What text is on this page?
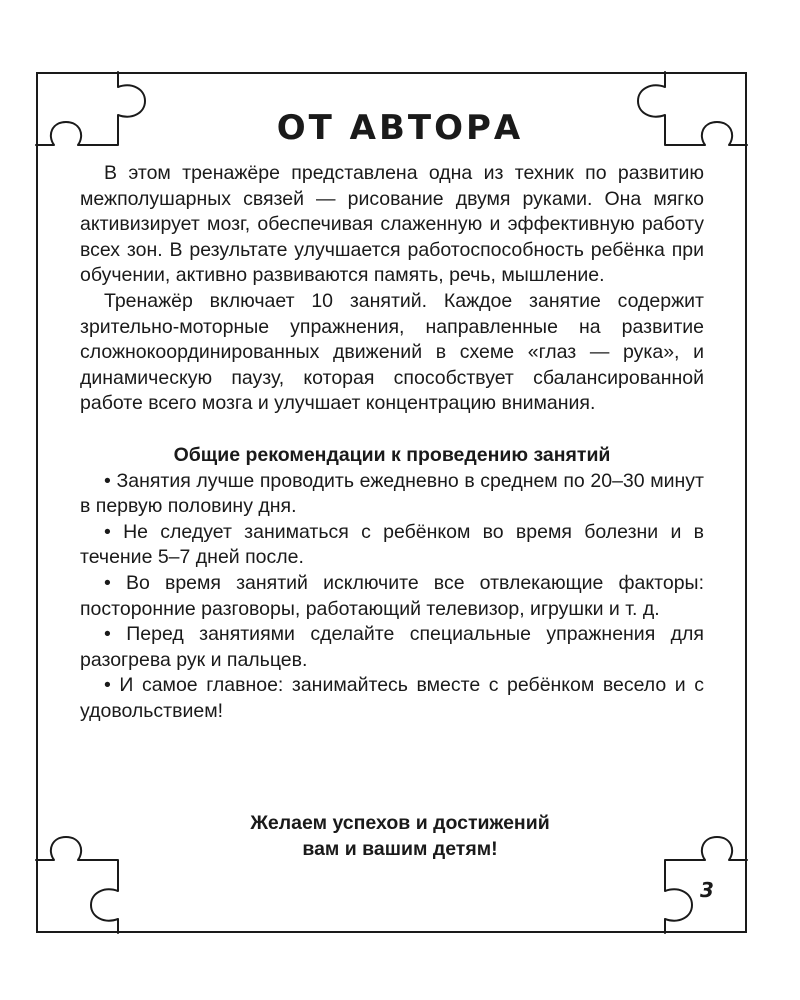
ОТ АВТОРА

В этом тренажёре представлена одна из техник по развитию межполушарных связей — рисование двумя руками. Она мягко активизирует мозг, обеспечивая слаженную и эффективную работу всех зон. В результате улучшается работоспособность ребёнка при обучении, активно развиваются память, речь, мышление.

Тренажёр включает 10 занятий. Каждое занятие содержит зрительно-моторные упражнения, направленные на развитие сложнокоординированных движений в схеме «глаз — рука», и динамическую паузу, которая способствует сбалансированной работе всего мозга и улучшает концентрацию внимания.

Общие рекомендации к проведению занятий

• Занятия лучше проводить ежедневно в среднем по 20–30 минут в первую половину дня.

• Не следует заниматься с ребёнком во время болезни и в течение 5–7 дней после.

• Во время занятий исключите все отвлекающие факторы: посторонние разговоры, работающий телевизор, игрушки и т. д.

• Перед занятиями сделайте специальные упражнения для разогрева рук и пальцев.

• И самое главное: занимайтесь вместе с ребёнком весело и с удовольствием!

Желаем успехов и достижений
вам и вашим детям!
3
